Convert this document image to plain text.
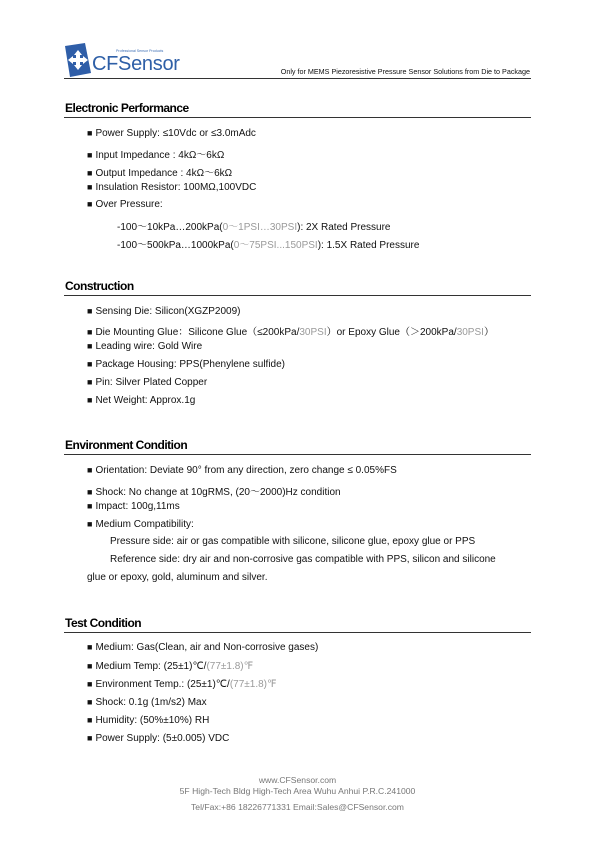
Professional Sensor Products
CFSensor	Only for MEMS Piezoresistive Pressure Sensor Solutions from Die to Package
Electronic Performance
■ Power Supply: ≤10Vdc or ≤3.0mAdc
■ Input Impedance : 4kΩ～6kΩ
■ Output Impedance : 4kΩ～6kΩ
■ Insulation Resistor: 100MΩ,100VDC
■ Over Pressure:
-100～10kPa…200kPa(0～1PSI…30PSI): 2X Rated Pressure
-100～500kPa…1000kPa(0～75PSI...150PSI): 1.5X Rated Pressure
Construction
■ Sensing Die: Silicon(XGZP2009)
■ Die Mounting Glue：Silicone Glue（≤200kPa/30PSI）or Epoxy Glue（＞200kPa/30PSI）
■ Leading wire: Gold Wire
■ Package Housing: PPS(Phenylene sulfide)
■ Pin: Silver Plated Copper
■ Net Weight: Approx.1g
Environment Condition
■ Orientation: Deviate 90° from any direction, zero change ≤ 0.05%FS
■ Shock: No change at 10gRMS, (20～2000)Hz condition
■ Impact: 100g,11ms
■ Medium Compatibility:
Pressure side: air or gas compatible with silicone, silicone glue, epoxy glue or PPS
Reference side: dry air and non-corrosive gas compatible with PPS, silicon and silicone
glue or epoxy, gold, aluminum and silver.
Test Condition
■ Medium: Gas(Clean, air and Non-corrosive gases)
■ Medium Temp: (25±1)℃/(77±1.8)℉
■ Environment Temp.: (25±1)℃/(77±1.8)℉
■ Shock: 0.1g (1m/s2) Max
■ Humidity: (50%±10%) RH
■ Power Supply: (5±0.005) VDC
www.CFSensor.com
5F High-Tech Bldg High-Tech Area Wuhu Anhui P.R.C.241000
Tel/Fax:+86 18226771331 Email:Sales@CFSensor.com
